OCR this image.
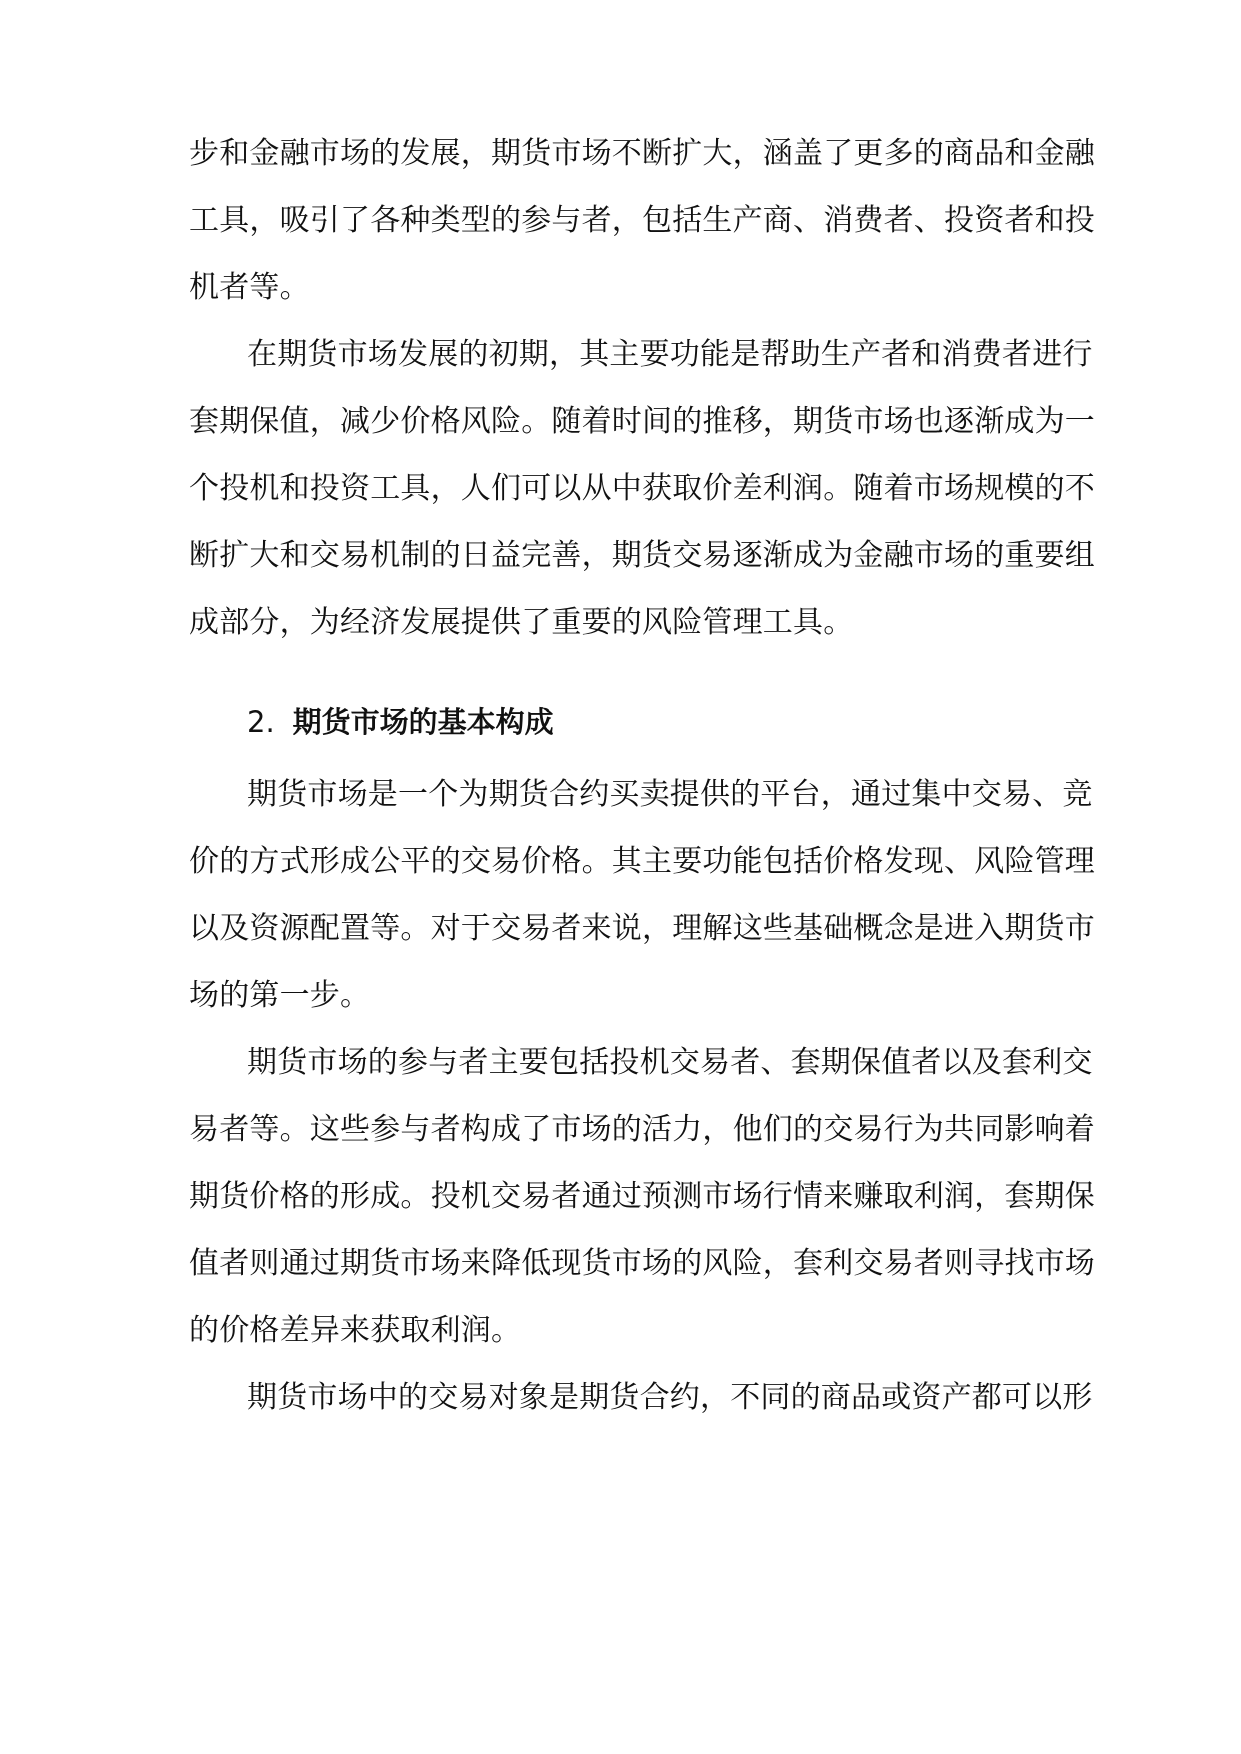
步和金融市场的发展，期货市场不断扩大，涵盖了更多的商品和金融
工具，吸引了各种类型的参与者，包括生产商、消费者、投资者和投
机者等。
在期货市场发展的初期，其主要功能是帮助生产者和消费者进行
套期保值，减少价格风险。随着时间的推移，期货市场也逐渐成为一
个投机和投资工具，人们可以从中获取价差利润。随着市场规模的不
断扩大和交易机制的日益完善，期货交易逐渐成为金融市场的重要组
成部分，为经济发展提供了重要的风险管理工具。
2. 期货市场的基本构成
期货市场是一个为期货合约买卖提供的平台，通过集中交易、竞
价的方式形成公平的交易价格。其主要功能包括价格发现、风险管理
以及资源配置等。对于交易者来说，理解这些基础概念是进入期货市
场的第一步。
期货市场的参与者主要包括投机交易者、套期保值者以及套利交
易者等。这些参与者构成了市场的活力，他们的交易行为共同影响着
期货价格的形成。投机交易者通过预测市场行情来赚取利润，套期保
值者则通过期货市场来降低现货市场的风险，套利交易者则寻找市场
的价格差异来获取利润。
期货市场中的交易对象是期货合约，不同的商品或资产都可以形
